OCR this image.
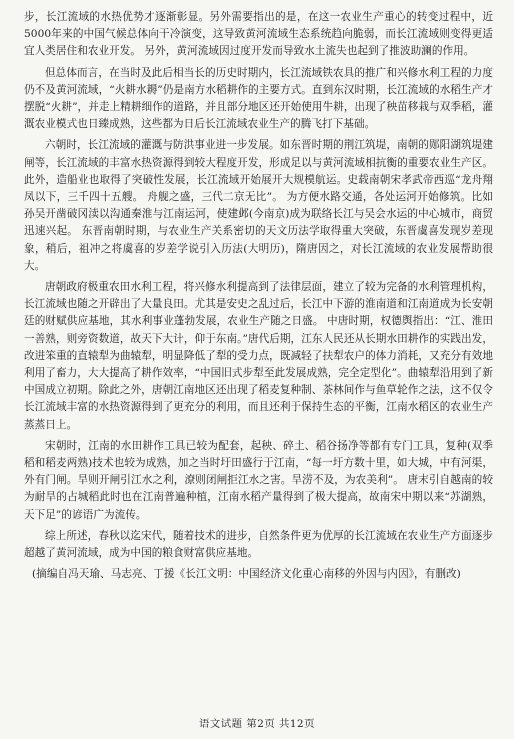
步，长江流域的水热优势才逐渐彰显。另外需要指出的是，在这一农业生产重心的转变过程中，近5000年来的中国气候总体向干冷演变，这导致黄河流域生态系统趋向脆弱，而长江流域则变得更适宜人类居住和农业开发。 另外，黄河流域因过度开发而导致水土流失也起到了推波助澜的作用。

但总体而言，在当时及此后相当长的历史时期内，长江流域铁农具的推广和兴修水利工程的力度仍不及黄河流域，“火耕水耨”仍是南方水稻耕作的主要方式。直到东汉时期，长江流域的水稻生产才摆脱“火耕”，并走上精耕细作的道路，并且部分地区还开始使用牛耕，出现了秧苗移栽与双季稻，灌溉农业模式也日臻成熟，这些都为日后长江流域农业生产的腾飞打下基础。

六朝时，长江流域的灌溉与防洪事业进一步发展。如东晋时期的荆江筑堤，南朝的郧阳湖筑堤建闸等，长江流域的丰富水热资源得到较大程度开发，形成足以与黄河流域相抗衡的重要农业生产区。此外，造船业也取得了突破性发展，长江流域开始展开大规模航运。史载南朝宋孝武帝西巡“龙舟翔凤以下，三千四十五艘。 舟舰之盛，三代二京无比”。 为方便水路交通，各处运河开始修筑。比如孙吴开凿破冈渎以沟通秦淮与江南运河，使建邺(今南京)成为联络长江与吴会水运的中心城市，商贸迅速兴起。 东晋南朝时期，与农业生产关系密切的天文历法学取得重大突破，东晋虞喜发现岁差现象，稍后，祖冲之将虞喜的岁差学说引入历法(大明历)，隋唐因之，对长江流域的农业发展帮助很大。

唐朝政府极重农田水利工程，将兴修水利提高到了法律层面，建立了较为完备的水利管理机构，长江流域也随之开辟出了大量良田。尤其是安史之乱过后，长江中下游的淮南道和江南道成为长安朝廷的财赋供应基地，其水利事业蓬勃发展，农业生产随之日盛。 中唐时期，权德舆指出：“江、淮田一善熟，则旁资数道，故天下大计，仰于东南。”唐代后期，江东人民还从长期水田耕作的实践出发，改进笨重的直辕犁为曲辕犁，明显降低了犁的受力点，既减轻了扶犁农户的体力消耗，又充分有效地利用了畜力，大大提高了耕作效率，“中国旧式步犁至此发展成熟，完全定型化”。曲辕犁沿用到了新中国成立初期。除此之外，唐朝江南地区还出现了稻麦复种制、茶林间作与鱼草轮作之法，这不仅令长江流域丰富的水热资源得到了更充分的利用，而且还利于保持生态的平衡，江南水稻区的农业生产蒸蒸日上。

宋朝时，江南的水田耕作工具已较为配套，起秧、碎土、稻谷扬净等都有专门工具，复种(双季稻和稻麦两熟)技术也较为成熟，加之当时圩田盛行于江南，“每一圩方数十里，如大城，中有河渠，外有门闸。旱则开闸引江水之利，潦则闭闸拒江水之害。旱涝不及，为农美利”。 唐末引自越南的较为耐旱的占城稻此时也在江南普遍种植，江南水稻产量得到了极大提高，故南宋中期以来“苏湖熟，天下足”的谚语广为流传。

综上所述，春秋以迄宋代，随着技术的进步，自然条件更为优厚的长江流域在农业生产方面逐步超越了黄河流域，成为中国的粮食财富供应基地。

(摘编自冯天瑜、马志亮、丁援《长江文明：中国经济文化重心南移的外因与内因》，有删改)

语文试题 第2页 共12页
